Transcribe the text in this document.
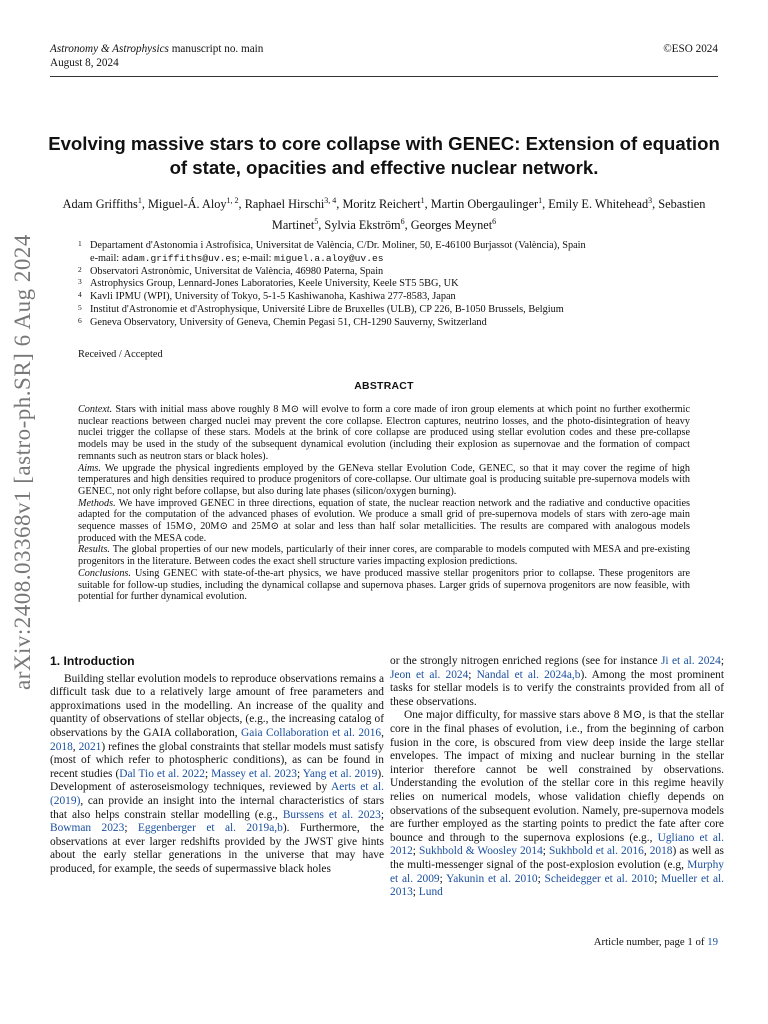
Astronomy & Astrophysics manuscript no. main
August 8, 2024
©ESO 2024
arXiv:2408.03368v1 [astro-ph.SR] 6 Aug 2024
Evolving massive stars to core collapse with GENEC: Extension of equation of state, opacities and effective nuclear network.
Adam Griffiths$^1$, Miguel-Á. Aloy$^{1, 2}$, Raphael Hirschi$^{3, 4}$, Moritz Reichert$^1$, Martin Obergaulinger$^1$, Emily E. Whitehead$^3$, Sebastien Martinet$^5$, Sylvia Ekström$^6$, Georges Meynet$^6$
1 Departament d'Astonomia i Astrofísica, Universitat de València, C/Dr. Moliner, 50, E-46100 Burjassot (València), Spain
e-mail: adam.griffiths@uv.es; e-mail: miguel.a.aloy@uv.es
2 Observatori Astronòmic, Universitat de València, 46980 Paterna, Spain
3 Astrophysics Group, Lennard-Jones Laboratories, Keele University, Keele ST5 5BG, UK
4 Kavli IPMU (WPI), University of Tokyo, 5-1-5 Kashiwanoha, Kashiwa 277-8583, Japan
5 Institut d'Astronomie et d'Astrophysique, Université Libre de Bruxelles (ULB), CP 226, B-1050 Brussels, Belgium
6 Geneva Observatory, University of Geneva, Chemin Pegasi 51, CH-1290 Sauverny, Switzerland
Received / Accepted
ABSTRACT

Context. Stars with initial mass above roughly 8 M⊙ will evolve to form a core made of iron group elements at which point no further exothermic nuclear reactions between charged nuclei may prevent the core collapse. Electron captures, neutrino losses, and the photo-disintegration of heavy nuclei trigger the collapse of these stars. Models at the brink of core collapse are produced using stellar evolution codes and these pre-collapse models may be used in the study of the subsequent dynamical evolution (including their explosion as supernovae and the formation of compact remnants such as neutron stars or black holes).

Aims. We upgrade the physical ingredients employed by the GENeva stellar Evolution Code, GENEC, so that it may cover the regime of high temperatures and high densities required to produce progenitors of core-collapse. Our ultimate goal is producing suitable pre-supernova models with GENEC, not only right before collapse, but also during late phases (silicon/oxygen burning).

Methods. We have improved GENEC in three directions, equation of state, the nuclear reaction network and the radiative and conductive opacities adapted for the computation of the advanced phases of evolution. We produce a small grid of pre-supernova models of stars with zero-age main sequence masses of 15M⊙, 20M⊙ and 25M⊙ at solar and less than half solar metallicities. The results are compared with analogous models produced with the MESA code.

Results. The global properties of our new models, particularly of their inner cores, are comparable to models computed with MESA and pre-existing progenitors in the literature. Between codes the exact shell structure varies impacting explosion predictions.

Conclusions. Using GENEC with state-of-the-art physics, we have produced massive stellar progenitors prior to collapse. These progenitors are suitable for follow-up studies, including the dynamical collapse and supernova phases. Larger grids of supernova progenitors are now feasible, with potential for further dynamical evolution.

1. Introduction

Building stellar evolution models to reproduce observations remains a difficult task due to a relatively large amount of free parameters and approximations used in the modelling. An increase of the quality and quantity of observations of stellar objects, (e.g., the increasing catalog of observations by the GAIA collaboration, Gaia Collaboration et al. 2016, 2018, 2021) refines the global constraints that stellar models must satisfy (most of which refer to photospheric conditions), as can be found in recent studies (Dal Tio et al. 2022; Massey et al. 2023; Yang et al. 2019). Development of asteroseismology techniques, reviewed by Aerts et al. (2019), can provide an insight into the internal characteristics of stars that also helps constrain stellar modelling (e.g., Burssens et al. 2023; Bowman 2023; Eggenberger et al. 2019a,b). Furthermore, the observations at ever larger redshifts provided by the JWST give hints about the early stellar generations in the universe that may have produced, for example, the seeds of supermassive black holes

or the strongly nitrogen enriched regions (see for instance Ji et al. 2024; Jeon et al. 2024; Nandal et al. 2024a,b). Among the most prominent tasks for stellar models is to verify the constraints provided from all of these observations.

One major difficulty, for massive stars above 8 M⊙, is that the stellar core in the final phases of evolution, i.e., from the beginning of carbon fusion in the core, is obscured from view deep inside the large stellar envelopes. The impact of mixing and nuclear burning in the stellar interior therefore cannot be well constrained by observations. Understanding the evolution of the stellar core in this regime heavily relies on numerical models, whose validation chiefly depends on observations of the subsequent evolution. Namely, pre-supernova models are further employed as the starting points to predict the fate after core bounce and through to the supernova explosions (e.g., Ugliano et al. 2012; Sukhbold & Woosley 2014; Sukhbold et al. 2016, 2018) as well as the multi-messenger signal of the post-explosion evolution (e.g, Murphy et al. 2009; Yakunin et al. 2010; Scheidegger et al. 2010; Mueller et al. 2013; Lund

Article number, page 1 of 19
